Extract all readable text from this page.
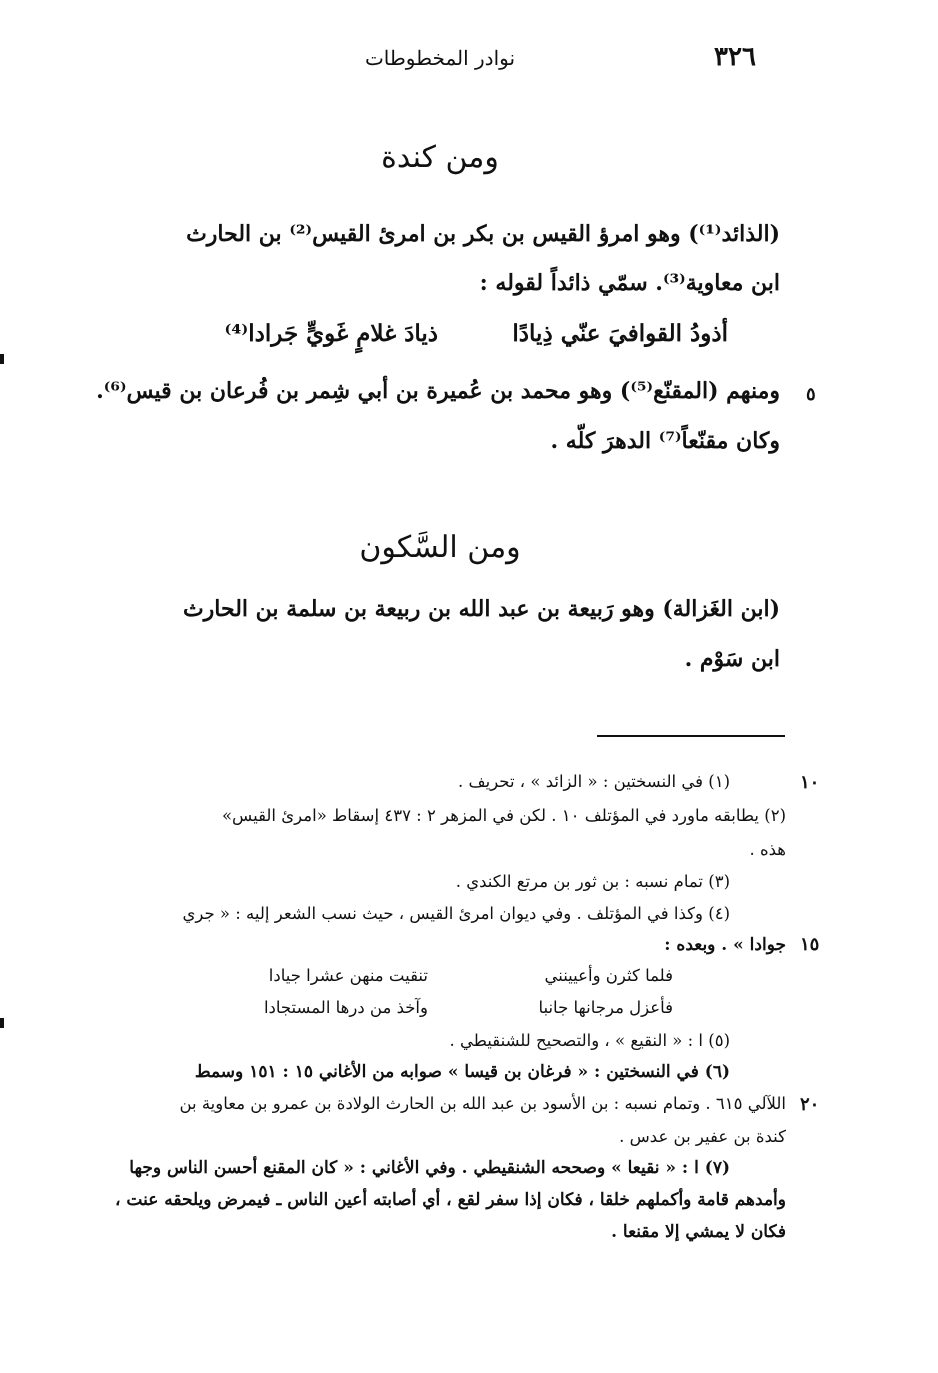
نوادر المخطوطات	٣٢٦
ومن كندة
(الذائد⁽¹⁾) وهو امرؤ القيس بن بكر بن امرئ القيس⁽²⁾ بن الحارث
ابن معاوية⁽³⁾. سمّي ذائداً لقوله :
أذودُ القوافيَ عنّي ذِيادًا
ذيادَ غلامٍ غَويٍّ جَرادا⁽⁴⁾
ومنهم (المقنّع⁽⁵⁾) وهو محمد بن عُميرة بن أبي شِمر بن فُرعان بن قيس⁽⁶⁾.
وكان مقنّعاً⁽⁷⁾ الدهرَ كلّه .
ومن السَّكون
(ابن الغَزالة) وهو رَبيعة بن عبد الله بن ربيعة بن سلمة بن الحارث
ابن سَوْم .
(١) في النسختين : « الزائد » ، تحريف .
(٢) يطابقه ماورد في المؤتلف ١٠ . لكن في المزهر ٢ : ٤٣٧ إسقاط «امرئ القيس»
هذه .
(٣) تمام نسبه : بن ثور بن مرتع الكندي .
(٤) وكذا في المؤتلف . وفي ديوان امرئ القيس ، حيث نسب الشعر إليه : « جري
جوادا » . وبعده :
فلما كثرن وأعيينني
تنقيت منهن عشرا جيادا
فأعزل مرجانها جانبا
وآخذ من درها المستجادا
(٥) ا : « النقيع » ، والتصحيح للشنقيطي .
(٦) في النسختين : « فرغان بن قيسا » صوابه من الأغاني ١٥ : ١٥١ وسمط
اللآلي ٦١٥ . وتمام نسبه : بن الأسود بن عبد الله بن الحارث الولادة بن عمرو بن معاوية بن
كندة بن عفير بن عدس .
(٧) ا : « نقيعا » وصححه الشنقيطي . وفي الأغاني : « كان المقنع أحسن الناس وجها
وأمدهم قامة وأكملهم خلقا ، فكان إذا سفر لقع ، أي أصابته أعين الناس ـ فيمرض ويلحقه عنت ،
فكان لا يمشي إلا مقنعا .
٥
١٠
١٥
٢٠
